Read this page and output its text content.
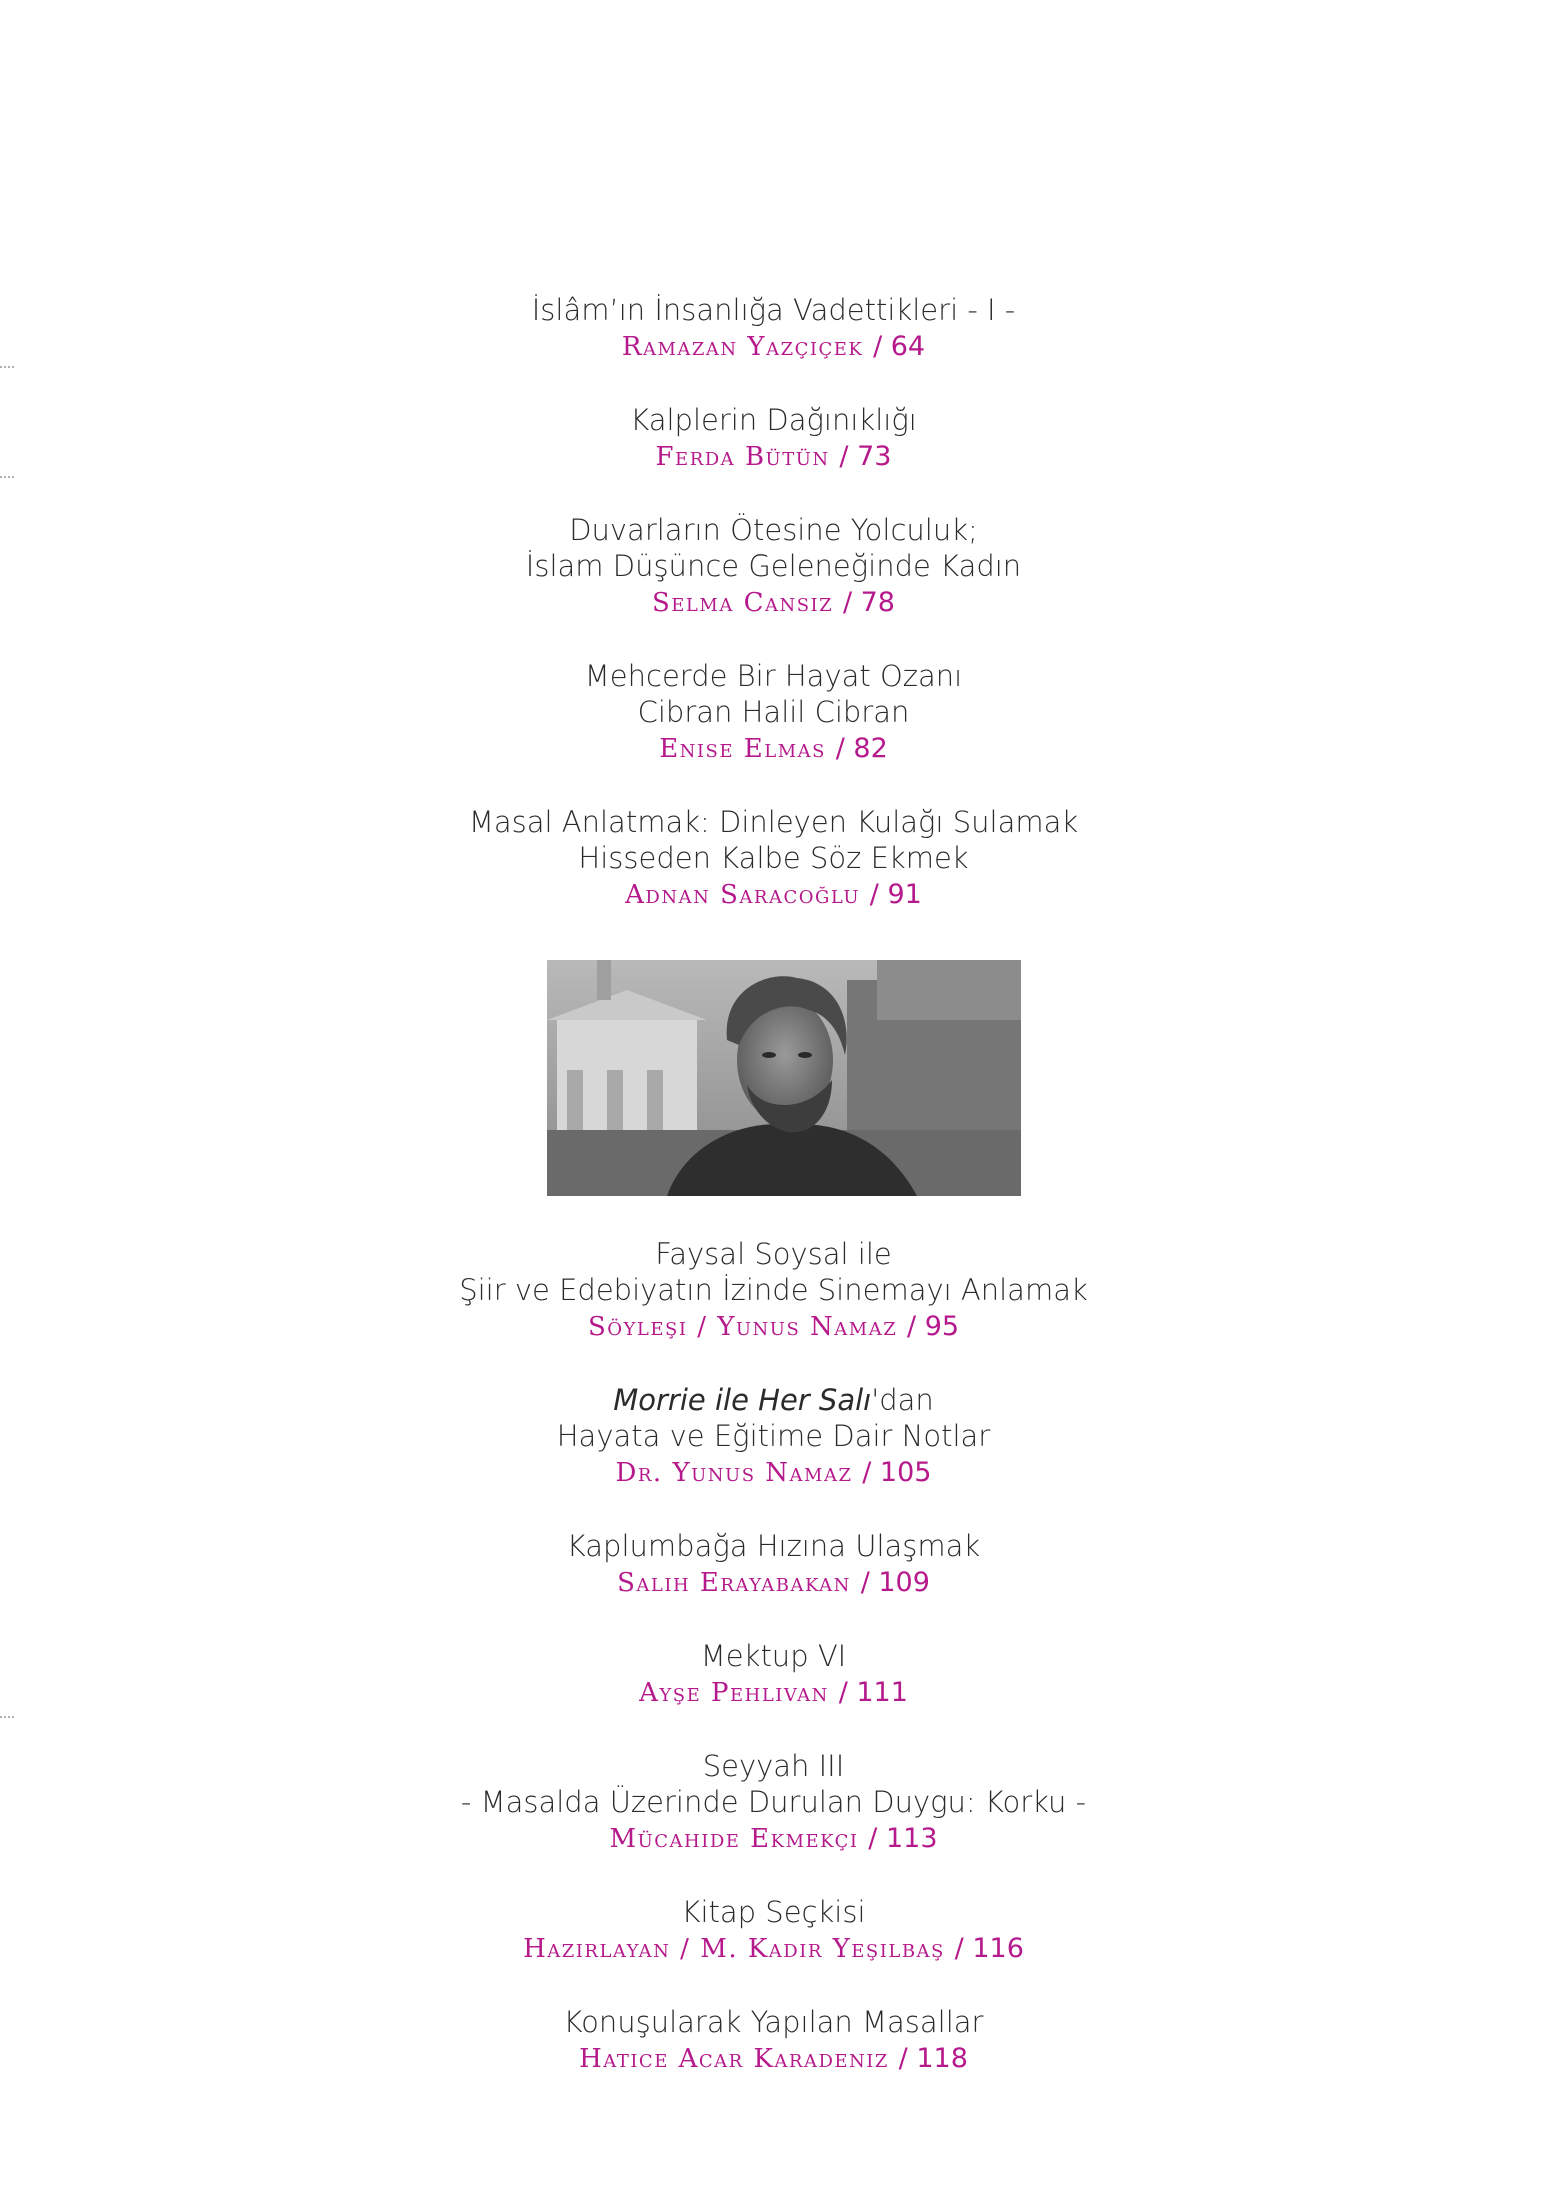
İslâm’ın İnsanlığa Vadettikleri - I -
Ramazan Yazçiçek / 64
Kalplerin Dağınıklığı
Ferda Bütün / 73
Duvarların Ötesine Yolculuk;
İslam Düşünce Geleneğinde Kadın
Selma Cansız / 78
Mehcerde Bir Hayat Ozanı
Cibran Halil Cibran
Enise Elmas / 82
Masal Anlatmak: Dinleyen Kulağı Sulamak
Hisseden Kalbe Söz Ekmek
Adnan Saracoğlu / 91
Faysal Soysal ile
Şiir ve Edebiyatın İzinde Sinemayı Anlamak
Söyleşi / Yunus Namaz / 95
Morrie ile Her Salı'dan
Hayata ve Eğitime Dair Notlar
Dr. Yunus Namaz / 105
Kaplumbağa Hızına Ulaşmak
Salih Erayabakan / 109
Mektup VI
Ayşe Pehlivan / 111
Seyyah III
- Masalda Üzerinde Durulan Duygu: Korku -
Mücahide Ekmekçi / 113
Kitap Seçkisi
Hazırlayan / M. Kadir Yeşilbaş / 116
Konuşularak Yapılan Masallar
Hatice Acar Karadeniz / 118
